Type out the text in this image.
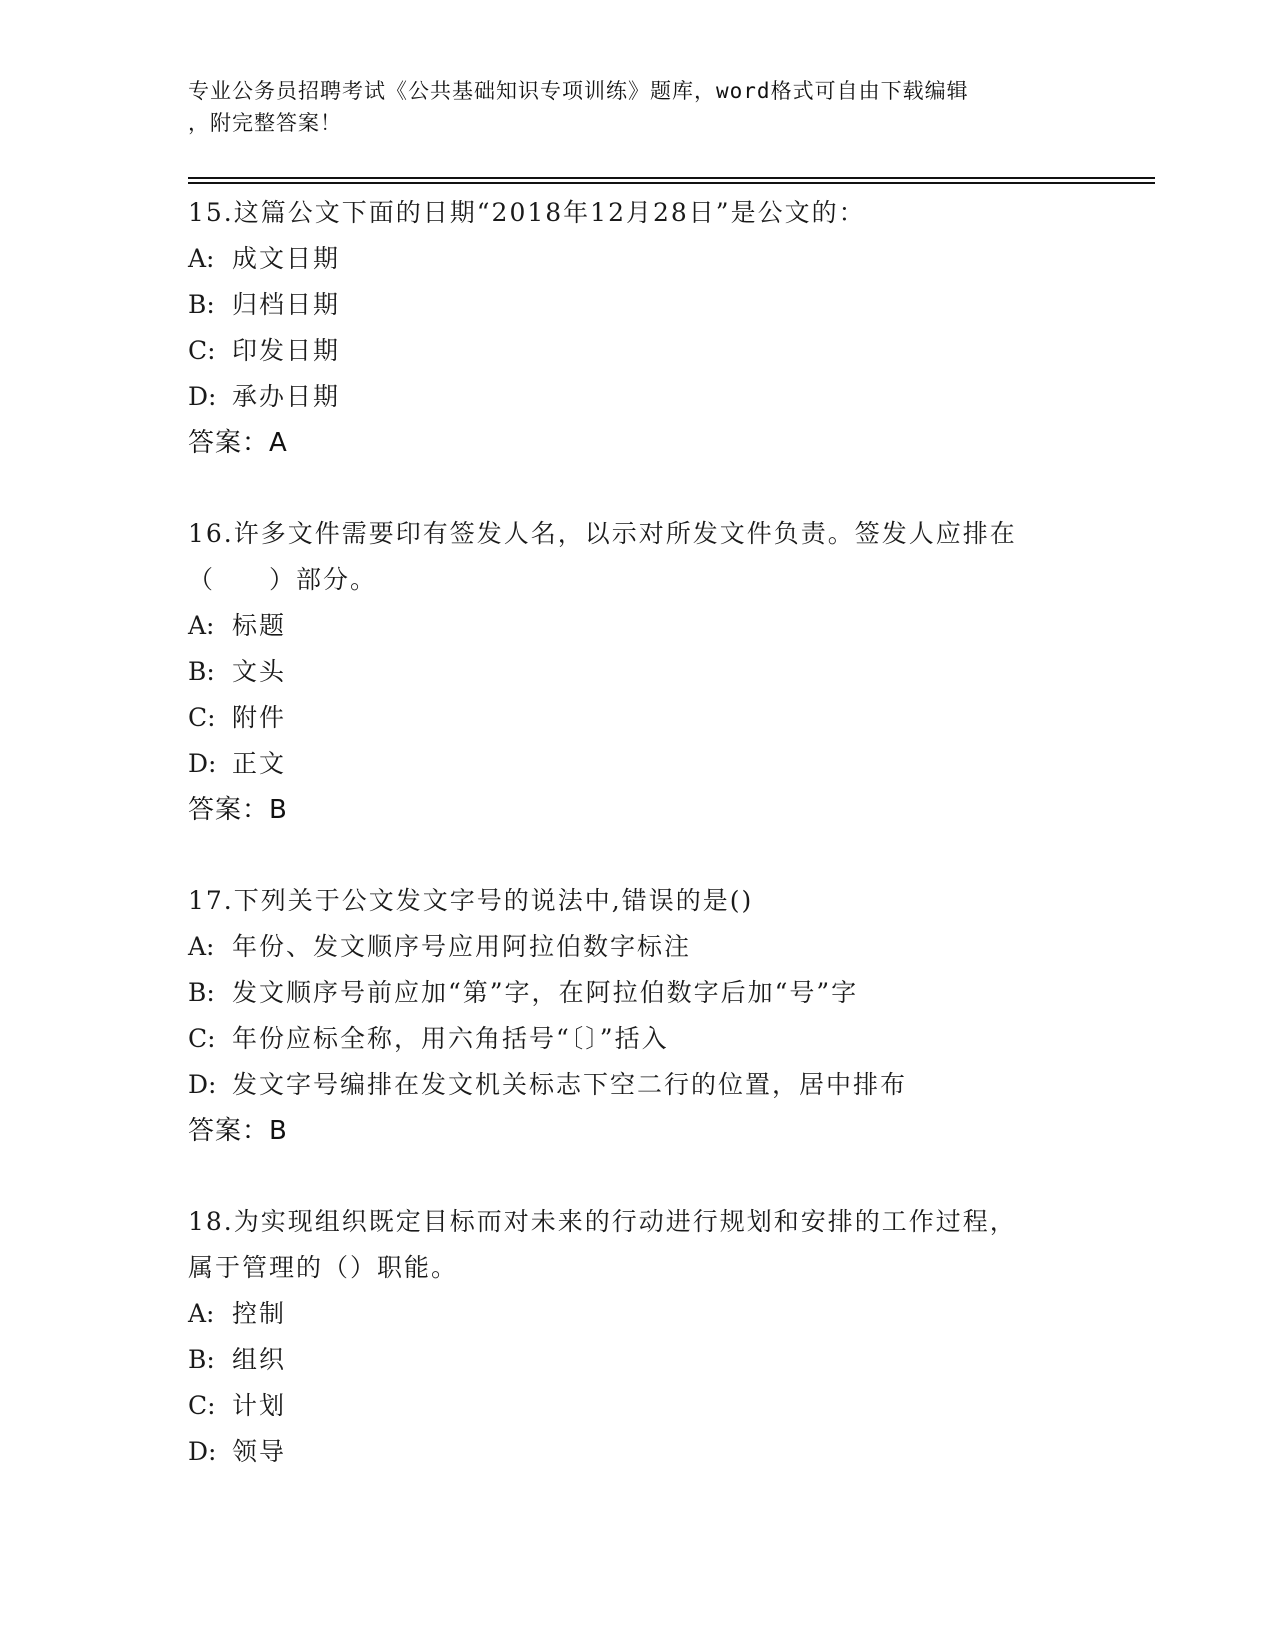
专业公务员招聘考试《公共基础知识专项训练》题库，word格式可自由下载编辑
，附完整答案！
15.这篇公文下面的日期“2018年12月28日”是公文的：
A: 成文日期
B: 归档日期
C: 印发日期
D: 承办日期
答案：A
16.许多文件需要印有签发人名，以示对所发文件负责。签发人应排在
（　　）部分。
A: 标题
B: 文头
C: 附件
D: 正文
答案：B
17.下列关于公文发文字号的说法中,错误的是()
A: 年份、发文顺序号应用阿拉伯数字标注
B: 发文顺序号前应加“第”字，在阿拉伯数字后加“号”字
C: 年份应标全称，用六角括号“〔〕”括入
D: 发文字号编排在发文机关标志下空二行的位置，居中排布
答案：B
18.为实现组织既定目标而对未来的行动进行规划和安排的工作过程，
属于管理的（）职能。
A: 控制
B: 组织
C: 计划
D: 领导
